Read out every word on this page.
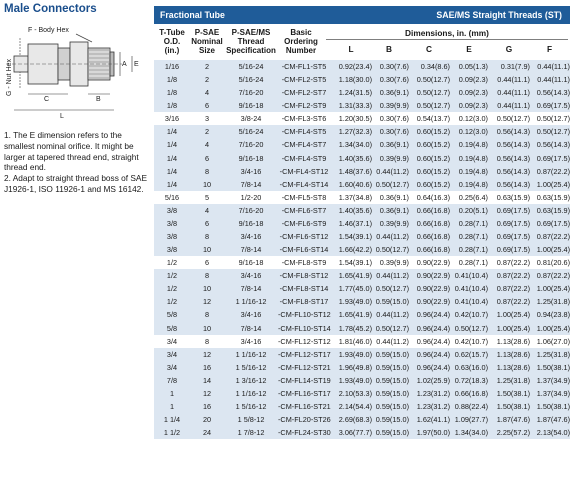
Male Connectors
F - Body Hex
G - Nut Hex	A E
C	B
L

1. The E dimension refers to the smallest nominal orifice. It might be larger at tapered thread end, straight thread end.

2. Adapt to straight thread boss of SAE J1926-1, ISO 11926-1 and MS 16142.

Fractional Tube	SAE/MS Straight Threads (ST)
T-Tube
O.D.
(in.)
P-SAE
Nominal
Size
P-SAE/MS
Thread
Specification
Basic
Ordering
Number
Dimensions, in. (mm)
L	B	C	E	G	F
1/16	2	5/16-24	-CM-FL1-ST5	0.92(23.4)	0.30(7.6)	0.34(8.6)	0.05(1.3)	0.31(7.9) 0.44(11.1)
1/8	2	5/16-24	-CM-FL2-ST5	1.18(30.0)	0.30(7.6)	0.50(12.7)	0.09(2.3)	0.44(11.1) 0.44(11.1)
1/8	4	7/16-20	-CM-FL2-ST7	1.24(31.5)	0.36(9.1)	0.50(12.7)	0.09(2.3)	0.44(11.1) 0.56(14.3)
1/8	6	9/16-18	-CM-FL2-ST9	1.31(33.3)	0.39(9.9)	0.50(12.7)	0.09(2.3)	0.44(11.1) 0.69(17.5)
3/16	3	3/8-24	-CM-FL3-ST6	1.20(30.5)	0.30(7.6)	0.54(13.7)	0.12(3.0)	0.50(12.7) 0.50(12.7)
1/4	2	5/16-24	-CM-FL4-ST5	1.27(32.3)	0.30(7.6)	0.60(15.2)	0.12(3.0)	0.56(14.3) 0.50(12.7)
1/4	4	7/16-20	-CM-FL4-ST7	1.34(34.0)	0.36(9.1)	0.60(15.2)	0.19(4.8)	0.56(14.3) 0.56(14.3)
1/4	6	9/16-18	-CM-FL4-ST9	1.40(35.6)	0.39(9.9)	0.60(15.2)	0.19(4.8)	0.56(14.3) 0.69(17.5)
1/4	8	3/4-16	-CM-FL4-ST12	1.48(37.6) 0.44(11.2)	0.60(15.2)	0.19(4.8)	0.56(14.3) 0.87(22.2)
1/4	10	7/8-14	-CM-FL4-ST14	1.60(40.6) 0.50(12.7)	0.60(15.2)	0.19(4.8)	0.56(14.3) 1.00(25.4)
5/16	5	1/2-20	-CM-FL5-ST8	1.37(34.8)	0.36(9.1)	0.64(16.3)	0.25(6.4)	0.63(15.9) 0.63(15.9)
3/8	4	7/16-20	-CM-FL6-ST7	1.40(35.6)	0.36(9.1)	0.66(16.8)	0.20(5.1)	0.69(17.5) 0.63(15.9)
3/8	6	9/16-18	-CM-FL6-ST9	1.46(37.1)	0.39(9.9)	0.66(16.8)	0.28(7.1)	0.69(17.5) 0.69(17.5)
3/8	8	3/4-16	-CM-FL6-ST12	1.54(39.1) 0.44(11.2)	0.66(16.8)	0.28(7.1)	0.69(17.5) 0.87(22.2)
3/8	10	7/8-14	-CM-FL6-ST14	1.66(42.2) 0.50(12.7)	0.66(16.8)	0.28(7.1)	0.69(17.5) 1.00(25.4)
1/2	6	9/16-18	-CM-FL8-ST9	1.54(39.1)	0.39(9.9)	0.90(22.9)	0.28(7.1)	0.87(22.2) 0.81(20.6)
1/2	8	3/4-16	-CM-FL8-ST12	1.65(41.9) 0.44(11.2)	0.90(22.9) 0.41(10.4)	0.87(22.2) 0.87(22.2)
1/2	10	7/8-14	-CM-FL8-ST14	1.77(45.0) 0.50(12.7)	0.90(22.9) 0.41(10.4)	0.87(22.2) 1.00(25.4)
1/2	12	1 1/16-12	-CM-FL8-ST17	1.93(49.0) 0.59(15.0)	0.90(22.9) 0.41(10.4)	0.87(22.2) 1.25(31.8)
5/8	8	3/4-16	-CM-FL10-ST12	1.65(41.9) 0.44(11.2)	0.96(24.4) 0.42(10.7)	1.00(25.4) 0.94(23.8)
5/8	10	7/8-14	-CM-FL10-ST14	1.78(45.2) 0.50(12.7)	0.96(24.4) 0.50(12.7)	1.00(25.4) 1.00(25.4)
3/4	8	3/4-16	-CM-FL12-ST12	1.81(46.0) 0.44(11.2)	0.96(24.4) 0.42(10.7)	1.13(28.6) 1.06(27.0)
3/4	12	1 1/16-12	-CM-FL12-ST17	1.93(49.0) 0.59(15.0)	0.96(24.4) 0.62(15.7)	1.13(28.6) 1.25(31.8)
3/4	16	1 5/16-12	-CM-FL12-ST21	1.96(49.8) 0.59(15.0)	0.96(24.4) 0.63(16.0)	1.13(28.6) 1.50(38.1)
7/8	14	1 3/16-12	-CM-FL14-ST19	1.93(49.0) 0.59(15.0)	1.02(25.9) 0.72(18.3)	1.25(31.8) 1.37(34.9)
1	12	1 1/16-12	-CM-FL16-ST17	2.10(53.3) 0.59(15.0)	1.23(31.2) 0.66(16.8)	1.50(38.1) 1.37(34.9)
1	16	1 5/16-12	-CM-FL16-ST21	2.14(54.4) 0.59(15.0)	1.23(31.2) 0.88(22.4)	1.50(38.1) 1.50(38.1)
1 1/4	20	1 5/8-12	-CM-FL20-ST26	2.69(68.3) 0.59(15.0)	1.62(41.1) 1.09(27.7)	1.87(47.6) 1.87(47.6)
1 1/2	24	1 7/8-12	-CM-FL24-ST30	3.06(77.7) 0.59(15.0)	1.97(50.0) 1.34(34.0)	2.25(57.2) 2.13(54.0)
